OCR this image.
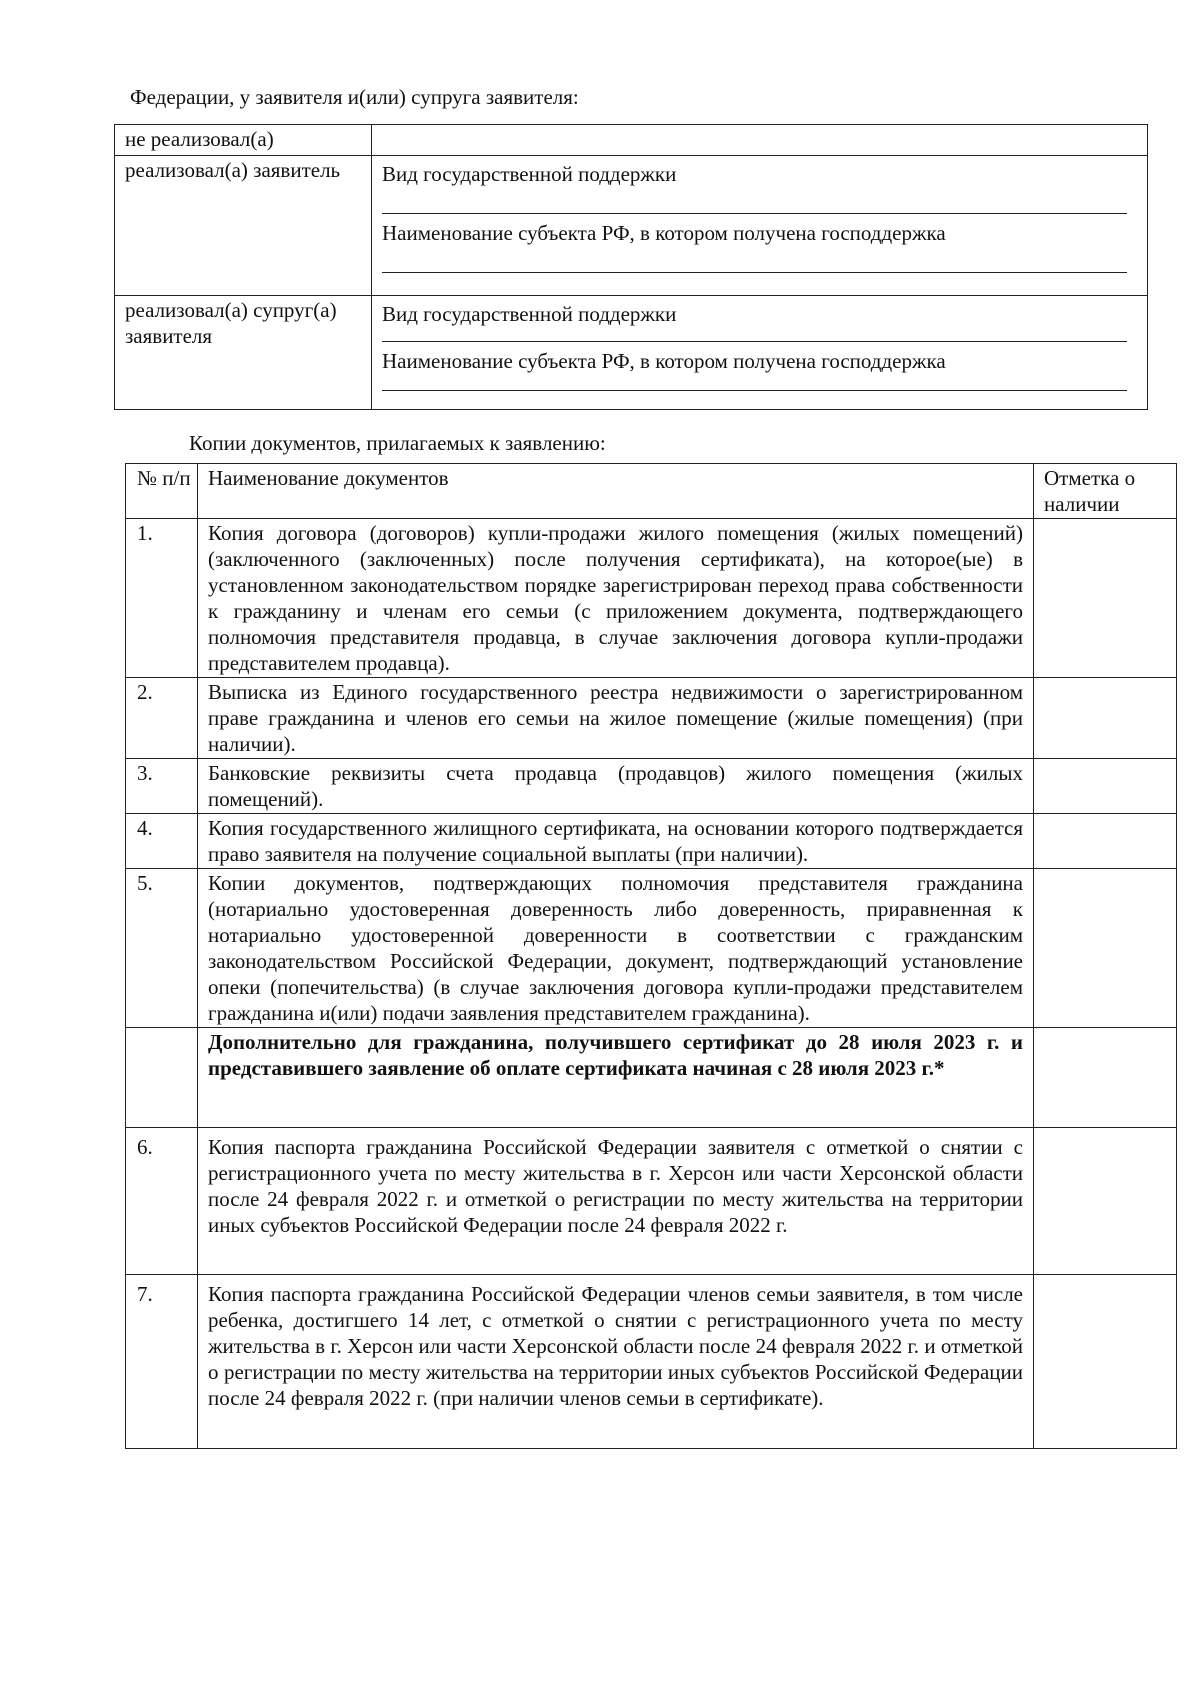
Федерации, у заявителя и(или) супруга заявителя:
не реализовал(а)	
реализовал(а) заявитель	Вид государственной поддержки
Наименование субъекта РФ, в котором получена господдержка

реализовал(а) супруг(а) заявителя	Вид государственной поддержки
Наименование субъекта РФ, в котором получена господдержка
Копии документов, прилагаемых к заявлению:
№ п/п	Наименование документов	Отметка о наличии
1.	Копия договора (договоров) купли-продажи жилого помещения (жилых помещений) (заключенного (заключенных) после получения сертификата), на которое(ые) в установленном законодательством порядке зарегистрирован переход права собственности к гражданину и членам его семьи (с приложением документа, подтверждающего полномочия представителя продавца, в случае заключения договора купли-продажи представителем продавца).	
2.	Выписка из Единого государственного реестра недвижимости о зарегистрированном праве гражданина и членов его семьи на жилое помещение (жилые помещения) (при наличии).	
3.	Банковские реквизиты счета продавца (продавцов) жилого помещения (жилых помещений).	
4.	Копия государственного жилищного сертификата, на основании которого подтверждается право заявителя на получение социальной выплаты (при наличии).	
5.	Копии документов, подтверждающих полномочия представителя гражданина (нотариально удостоверенная доверенность либо доверенность, приравненная к нотариально удостоверенной доверенности в соответствии с гражданским законодательством Российской Федерации, документ, подтверждающий установление опеки (попечительства) (в случае заключения договора купли-продажи представителем гражданина и(или) подачи заявления представителем гражданина).	
	Дополнительно для гражданина, получившего сертификат до 28 июля 2023 г. и представившего заявление об оплате сертификата начиная с 28 июля 2023 г.*	
6.	Копия паспорта гражданина Российской Федерации заявителя с отметкой о снятии с регистрационного учета по месту жительства в г. Херсон или части Херсонской области после 24 февраля 2022 г. и отметкой о регистрации по месту жительства на территории иных субъектов Российской Федерации после 24 февраля 2022 г.	
7.	Копия паспорта гражданина Российской Федерации членов семьи заявителя, в том числе ребенка, достигшего 14 лет, с отметкой о снятии с регистрационного учета по месту жительства в г. Херсон или части Херсонской области после 24 февраля 2022 г. и отметкой о регистрации по месту жительства на территории иных субъектов Российской Федерации после 24 февраля 2022 г. (при наличии членов семьи в сертификате).	
